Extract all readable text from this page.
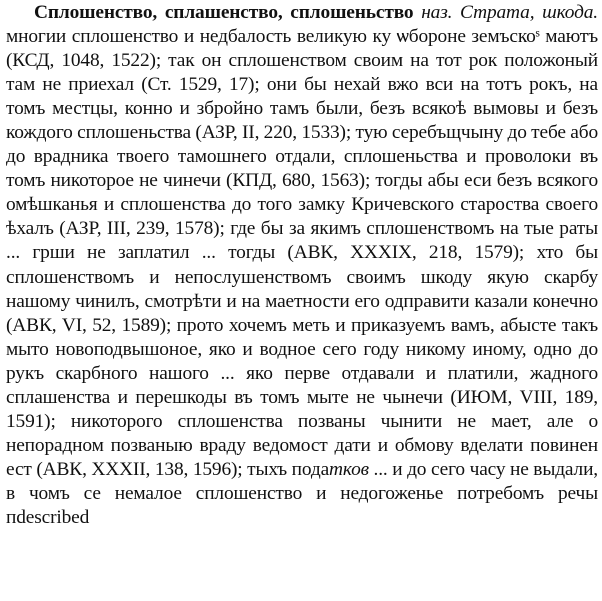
Сплошенство, сплашенство, сплошеньство наз. Страта, шкода. многии сплошенство и недбалость великую ку ѡбороне земъскоˢ маютъ (КСД, 1048, 1522); так он сплошенством своим на тот рок положоный там не приехал (Ст. 1529, 17); они бы нехай вжо вси на тотъ рокъ, на томъ местцы, конно и збройно тамъ были, безъ всякоѣ вымовы и безъ кождого сплошеньства (АЗР, II, 220, 1533); тую серебъщчыну до тебе або до вpадника твоего тамошнего отдали, сплошеньства и проволоки въ томъ никоторое не чинечи (КПД, 680, 1563); тогды абы еси безъ всякого омѣшканья и сплошенства до того замку Кричевского староства своего ѣхалъ (АЗР, III, 239, 1578); где бы за якимъ сплошенствомъ на тые раты ... грши не заплатил ... тогды (АВК, XXXIX, 218, 1579); хто бы сплошенствомъ и непослушенствомъ своимъ шкоду якую скарбу нашому чинилъ, смотрѣти и на маетности его одправити казали конечно (АВК, VI, 52, 1589); прото хочемъ меть и приказуемъ вамъ, абысте такъ мыто новоподвышоное, яко и водное сего году никому иному, одно до рукъ скарбного нашого ... яко перве отдавали и платили, жадного сплашенства и перешкоды въ томъ мыте не чынечи (ИЮМ, VIII, 189, 1591); никоторого сплошенства позваны чынити не мает, але о непорадном позваныю враду ведомост дати и обмову вделати повинен ест (АВК, XXXII, 138, 1596); тыхъ податков ... и до сего часу не выдали, в чомъ се немалое сплошенство и недогоженье потребомъ речы пdescribed
